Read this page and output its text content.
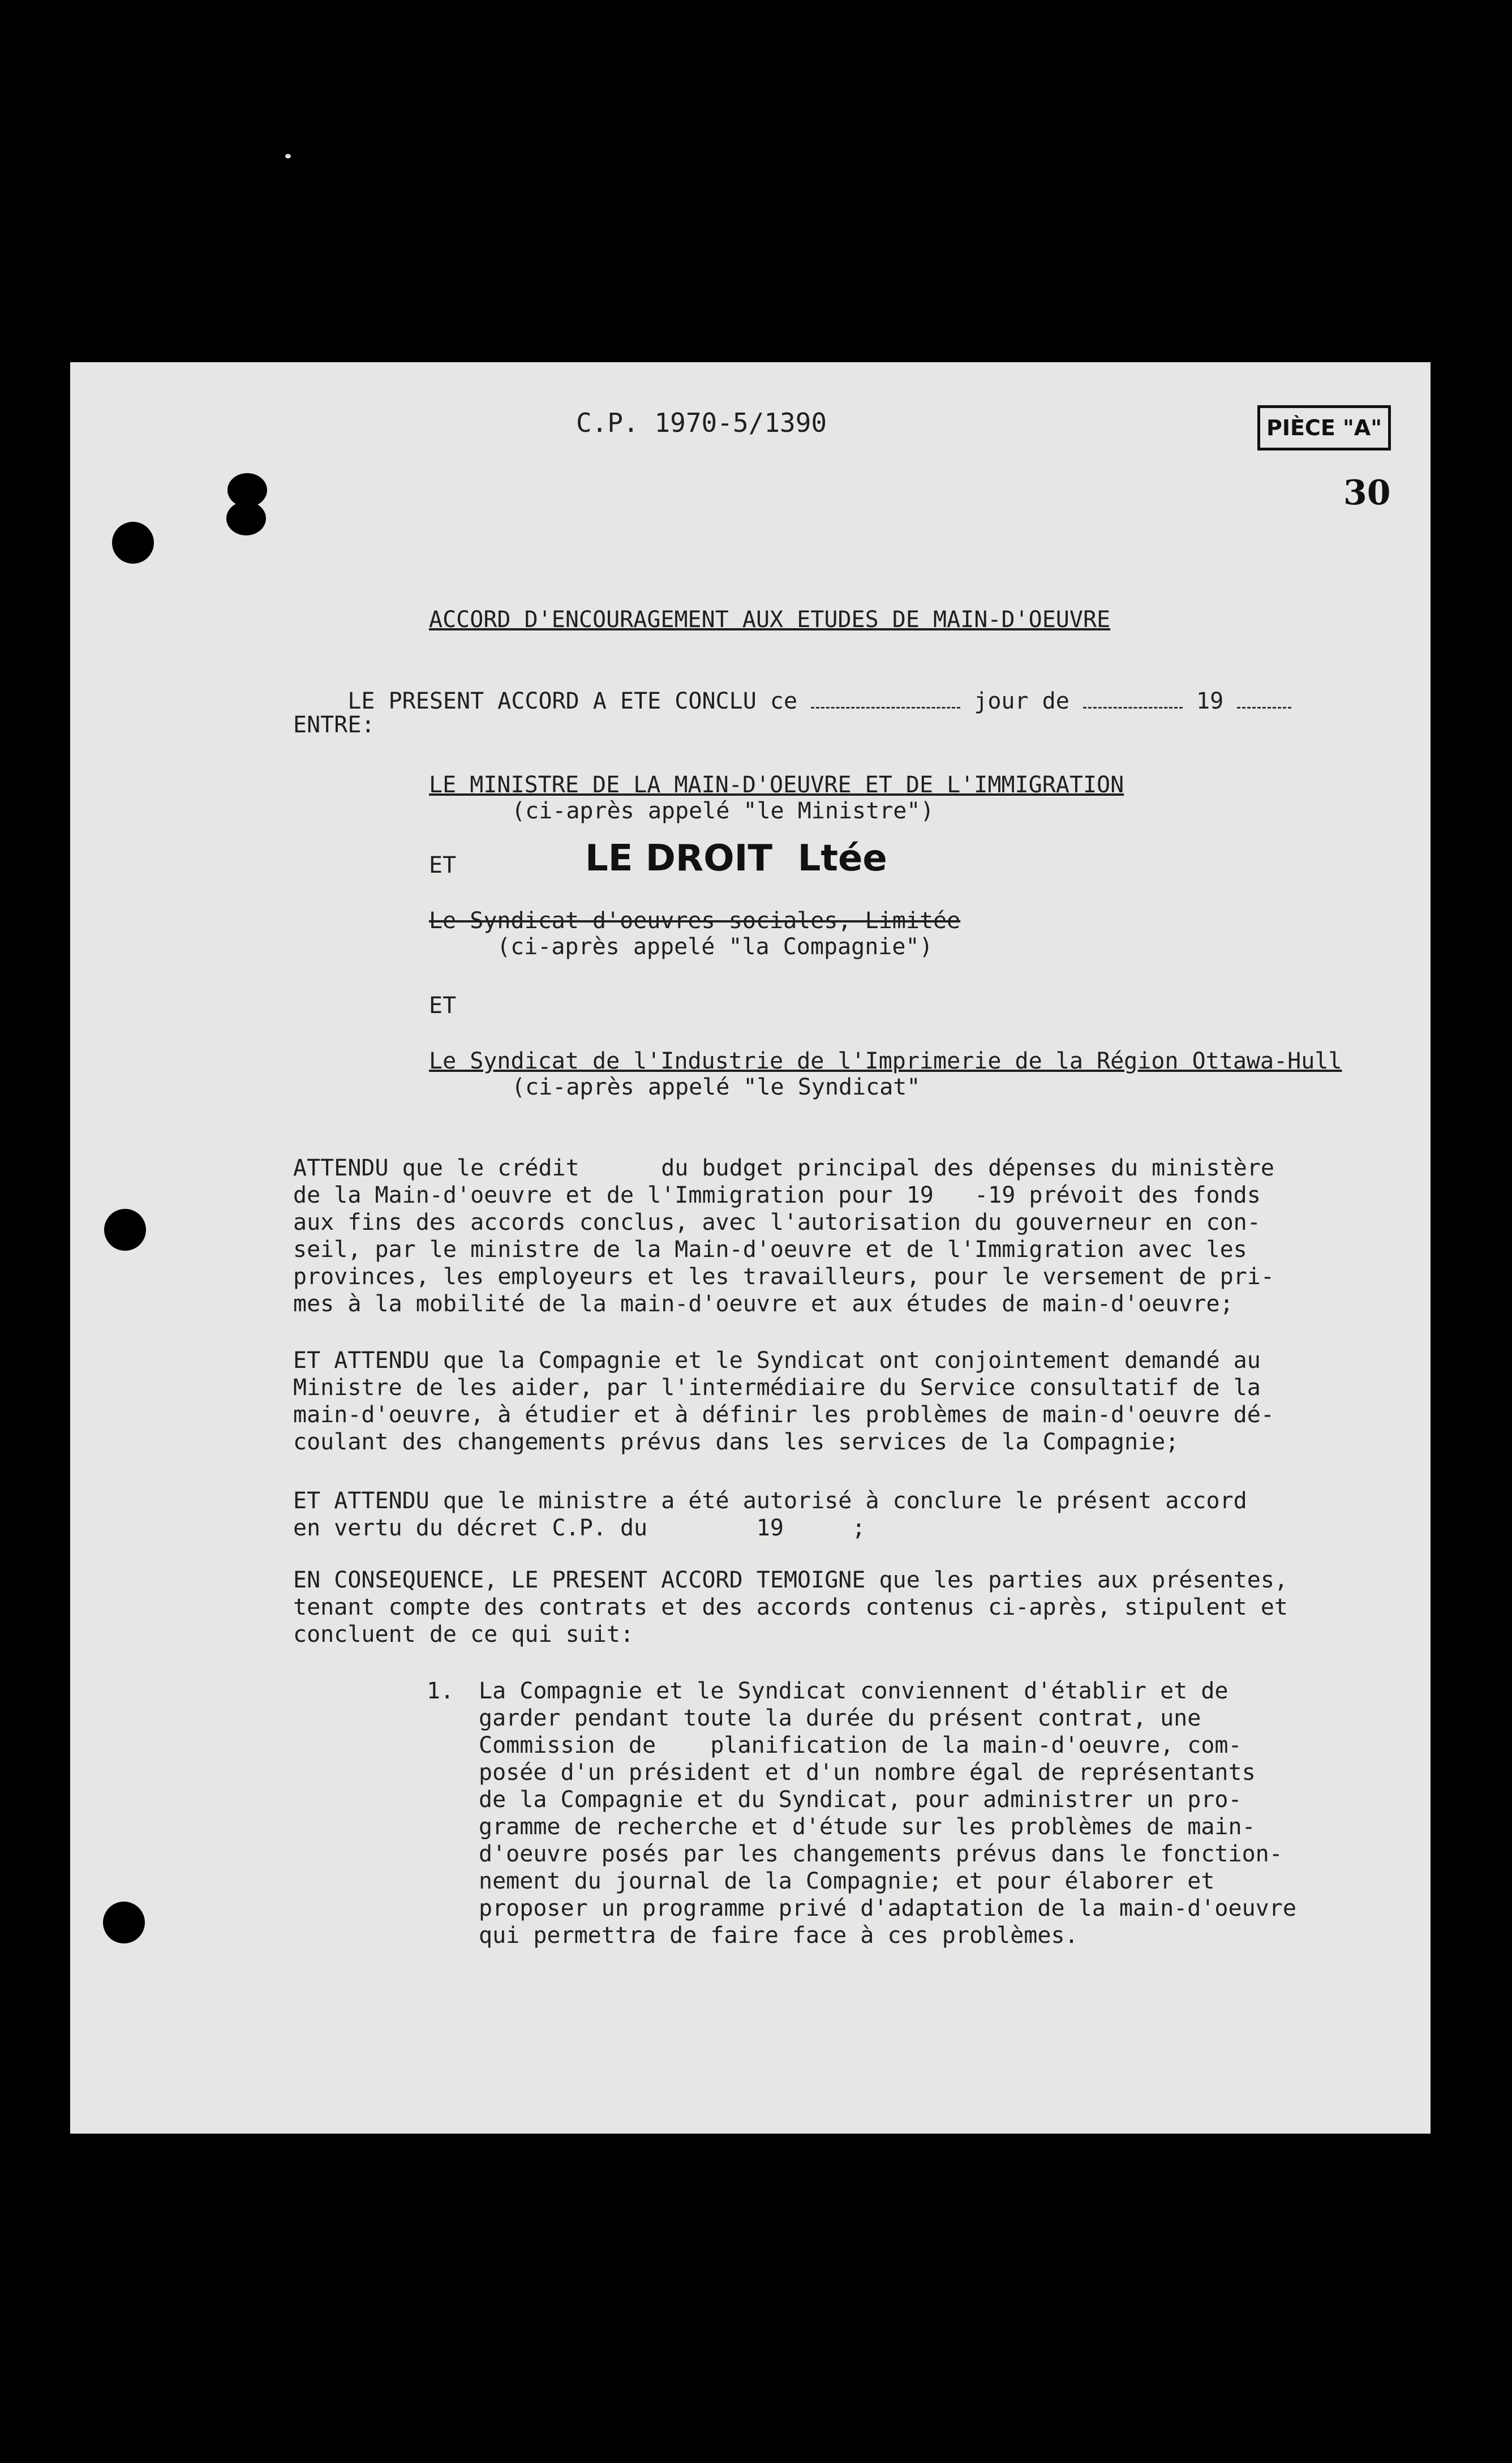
C.P. 1970-5/1390	PIÈCE "A"
30
ACCORD D'ENCOURAGEMENT AUX ETUDES DE MAIN-D'OEUVRE

LE PRESENT ACCORD A ETE CONCLU ce	jour de	19

ENTRE:
LE MINISTRE DE LA MAIN-D'OEUVRE ET DE L'IMMIGRATION
(ci-après appelé "le Ministre")
ET	LE DROIT  Ltée
Le Syndicat d'oeuvres sociales, Limitée
(ci-après appelé "la Compagnie")
ET
Le Syndicat de l'Industrie de l'Imprimerie de la Région Ottawa-Hull
(ci-après appelé "le Syndicat"
ATTENDU que le crédit      du budget principal des dépenses du ministère
de la Main-d'oeuvre et de l'Immigration pour 19   -19 prévoit des fonds
aux fins des accords conclus, avec l'autorisation du gouverneur en con-
seil, par le ministre de la Main-d'oeuvre et de l'Immigration avec les
provinces, les employeurs et les travailleurs, pour le versement de pri-
mes à la mobilité de la main-d'oeuvre et aux études de main-d'oeuvre;
ET ATTENDU que la Compagnie et le Syndicat ont conjointement demandé au
Ministre de les aider, par l'intermédiaire du Service consultatif de la
main-d'oeuvre, à étudier et à définir les problèmes de main-d'oeuvre dé-
coulant des changements prévus dans les services de la Compagnie;
ET ATTENDU que le ministre a été autorisé à conclure le présent accord
en vertu du décret C.P. du        19     ;
EN CONSEQUENCE, LE PRESENT ACCORD TEMOIGNE que les parties aux présentes,
tenant compte des contrats et des accords contenus ci-après, stipulent et
concluent de ce qui suit:
1. La Compagnie et le Syndicat conviennent d'établir et de
garder pendant toute la durée du présent contrat, une
Commission de    planification de la main-d'oeuvre, com-
posée d'un président et d'un nombre égal de représentants
de la Compagnie et du Syndicat, pour administrer un pro-
gramme de recherche et d'étude sur les problèmes de main-
d'oeuvre posés par les changements prévus dans le fonction-
nement du journal de la Compagnie; et pour élaborer et
proposer un programme privé d'adaptation de la main-d'oeuvre
qui permettra de faire face à ces problèmes.
